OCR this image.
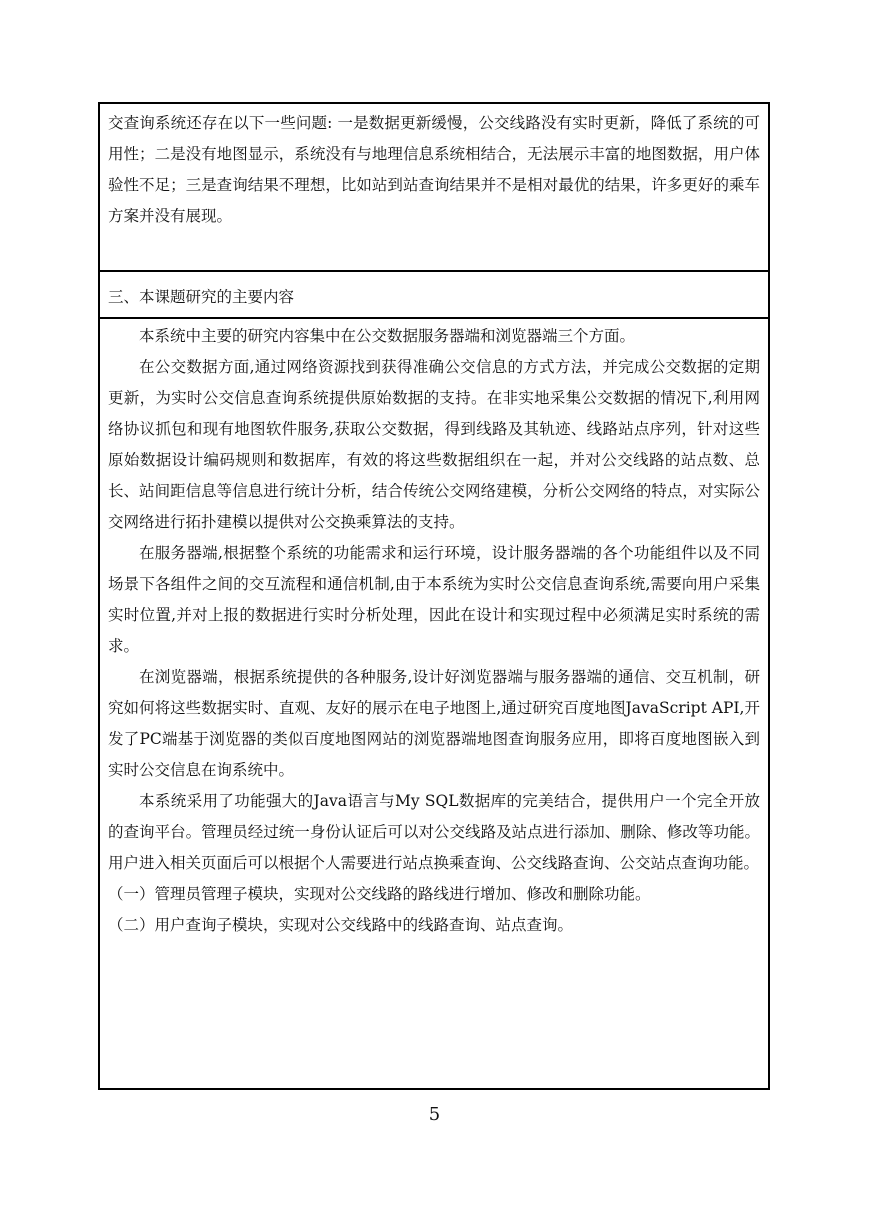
交查询系统还存在以下一些问题: 一是数据更新缓慢，公交线路没有实时更新，降低了系统的可用性；二是没有地图显示，系统没有与地理信息系统相结合，无法展示丰富的地图数据，用户体验性不足；三是查询结果不理想，比如站到站查询结果并不是相对最优的结果，许多更好的乘车方案并没有展现。

三、本课题研究的主要内容

本系统中主要的研究内容集中在公交数据服务器端和浏览器端三个方面。

在公交数据方面,通过网络资源找到获得准确公交信息的方式方法，并完成公交数据的定期更新，为实时公交信息查询系统提供原始数据的支持。在非实地采集公交数据的情况下,利用网络协议抓包和现有地图软件服务,获取公交数据，得到线路及其轨迹、线路站点序列，针对这些原始数据设计编码规则和数据库，有效的将这些数据组织在一起，并对公交线路的站点数、总长、站间距信息等信息进行统计分析，结合传统公交网络建模，分析公交网络的特点，对实际公交网络进行拓扑建模以提供对公交换乘算法的支持。

在服务器端,根据整个系统的功能需求和运行环境，设计服务器端的各个功能组件以及不同场景下各组件之间的交互流程和通信机制,由于本系统为实时公交信息查询系统,需要向用户采集实时位置,并对上报的数据进行实时分析处理，因此在设计和实现过程中必须满足实时系统的需求。

在浏览器端，根据系统提供的各种服务,设计好浏览器端与服务器端的通信、交互机制，研究如何将这些数据实时、直观、友好的展示在电子地图上,通过研究百度地图JavaScript API,开发了PC端基于浏览器的类似百度地图网站的浏览器端地图查询服务应用，即将百度地图嵌入到实时公交信息在询系统中。

本系统采用了功能强大的Java语言与My SQL数据库的完美结合，提供用户一个完全开放的查询平台。管理员经过统一身份认证后可以对公交线路及站点进行添加、删除、修改等功能。用户进入相关页面后可以根据个人需要进行站点换乘查询、公交线路查询、公交站点查询功能。

（一）管理员管理子模块，实现对公交线路的路线进行增加、修改和删除功能。

（二）用户查询子模块，实现对公交线路中的线路查询、站点查询。

5
